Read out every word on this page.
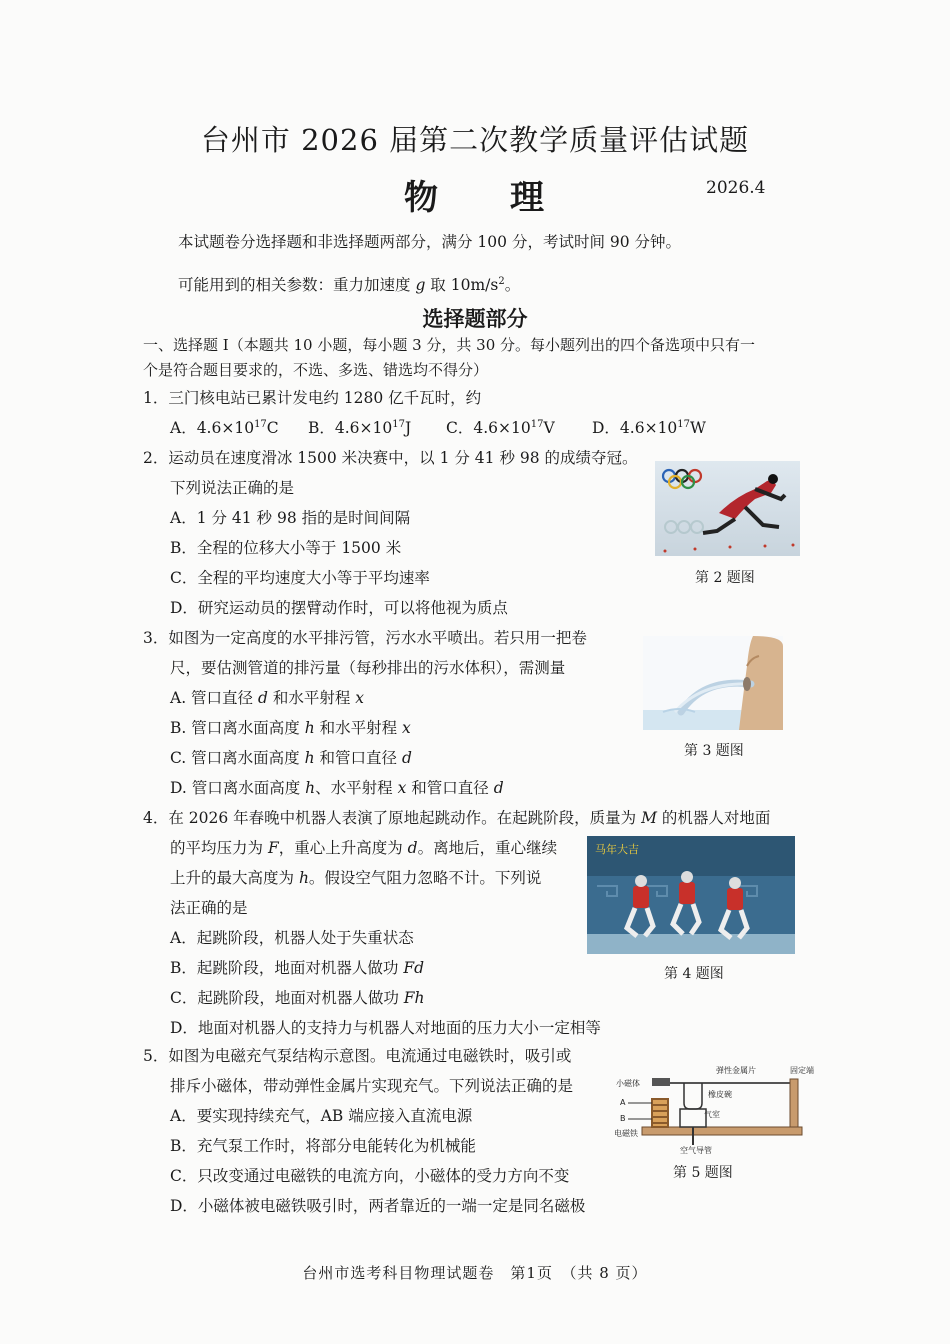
台州市 2026 届第二次教学质量评估试题
物理	2026.4
本试题卷分选择题和非选择题两部分，满分 100 分，考试时间 90 分钟。
可能用到的相关参数：重力加速度 g 取 $10m/s^2$。
选择题部分
一、选择题 Ⅰ（本题共 10 小题，每小题 3 分，共 30 分。每小题列出的四个备选项中只有一
个是符合题目要求的，不选、多选、错选均不得分）
1．三门核电站已累计发电约 1280 亿千瓦时，约
A．$4.6\times 10^{17}C$ B．$4.6\times 10^{17}J$ C．$4.6\times 10^{17}V$ D．$4.6\times 10^{17}W$
2．运动员在速度滑冰 1500 米决赛中，以 1 分 41 秒 98 的成绩夺冠。
下列说法正确的是
A．1 分 41 秒 98 指的是时间间隔
B．全程的位移大小等于 1500 米
C．全程的平均速度大小等于平均速率
D．研究运动员的摆臂动作时，可以将他视为质点
第 2 题图
3．如图为一定高度的水平排污管，污水水平喷出。若只用一把卷
尺，要估测管道的排污量（每秒排出的污水体积），需测量
A. 管口直径 d 和水平射程 x
B. 管口离水面高度 h 和水平射程 x
C. 管口离水面高度 h 和管口直径 d
D. 管口离水面高度 h、水平射程 x 和管口直径 d
第 3 题图
4．在 2026 年春晚中机器人表演了原地起跳动作。在起跳阶段，质量为 M 的机器人对地面
的平均压力为 F，重心上升高度为 d。离地后，重心继续
上升的最大高度为 h。假设空气阻力忽略不计。下列说
法正确的是
A．起跳阶段，机器人处于失重状态
B．起跳阶段，地面对机器人做功 Fd
C．起跳阶段，地面对机器人做功 Fh
D．地面对机器人的支持力与机器人对地面的压力大小一定相等
马年大吉
第 4 题图
5．如图为电磁充气泵结构示意图。电流通过电磁铁时，吸引或
排斥小磁体，带动弹性金属片实现充气。下列说法正确的是
A．要实现持续充气，AB 端应接入直流电源
B．充气泵工作时，将部分电能转化为机械能
C．只改变通过电磁铁的电流方向，小磁体的受力方向不变
D．小磁体被电磁铁吸引时，两者靠近的一端一定是同名磁极
弹性金属片	固定端
小磁体
橡皮碗
A
B	气室
电磁铁
空气导管
第 5 题图
台州市选考科目物理试题卷　第1页　（共 8 页）
